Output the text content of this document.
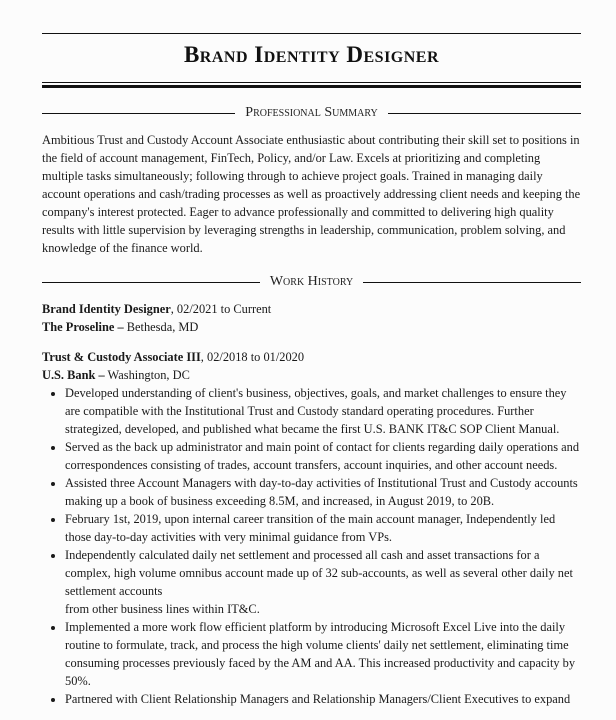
Brand Identity Designer
Professional Summary

Ambitious Trust and Custody Account Associate enthusiastic about contributing their skill set to positions in the field of account management, FinTech, Policy, and/or Law. Excels at prioritizing and completing multiple tasks simultaneously; following through to achieve project goals. Trained in managing daily account operations and cash/trading processes as well as proactively addressing client needs and keeping the company's interest protected. Eager to advance professionally and committed to delivering high quality results with little supervision by leveraging strengths in leadership, communication, problem solving, and knowledge of the finance world.

Work History

Brand Identity Designer, 02/2021 to Current

The Proseline – Bethesda, MD

Trust & Custody Associate III, 02/2018 to 01/2020

U.S. Bank – Washington, DC

• Developed understanding of client's business, objectives, goals, and market challenges to ensure they are compatible with the Institutional Trust and Custody standard operating procedures. Further strategized, developed, and published what became the first U.S. BANK IT&C SOP Client Manual.
• Served as the back up administrator and main point of contact for clients regarding daily operations and correspondences consisting of trades, account transfers, account inquiries, and other account needs.
• Assisted three Account Managers with day-to-day activities of Institutional Trust and Custody accounts making up a book of business exceeding 8.5M, and increased, in August 2019, to 20B.
• February 1st, 2019, upon internal career transition of the main account manager, Independently led those day-to-day activities with very minimal guidance from VPs.
• Independently calculated daily net settlement and processed all cash and asset transactions for a complex, high volume omnibus account made up of 32 sub-accounts, as well as several other daily net settlement accounts
from other business lines within IT&C.
• Implemented a more work flow efficient platform by introducing Microsoft Excel Live into the daily routine to formulate, track, and process the high volume clients' daily net settlement, eliminating time consuming processes previously faced by the AM and AA. This increased productivity and capacity by 50%.
• Partnered with Client Relationship Managers and Relationship Managers/Client Executives to expand
